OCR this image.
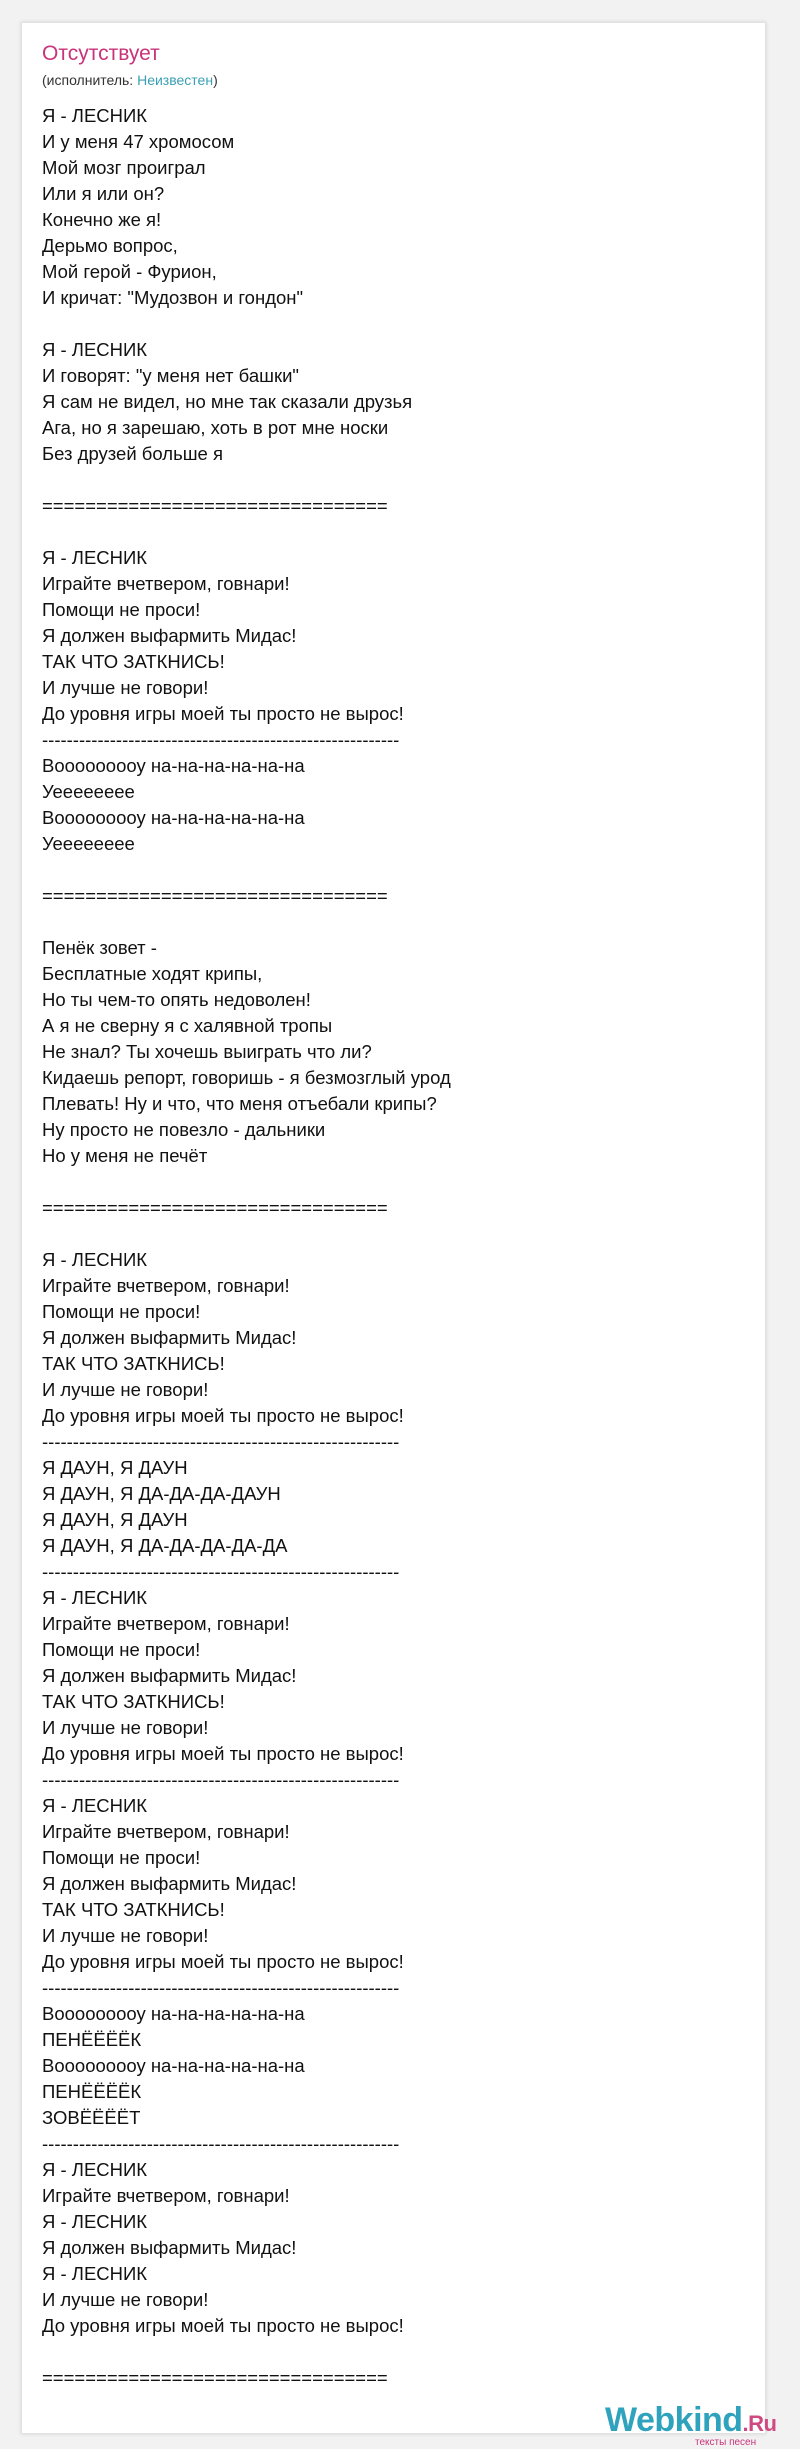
Отсутствует
(исполнитель: Неизвестен)
Я - ЛЕСНИК
И у меня 47 хромосом
Мой мозг проиграл
Или я или он?
Конечно же я!
Дерьмо вопрос,
Мой герой - Фурион,
И кричат: "Мудозвон и гондон"
Я - ЛЕСНИК
И говорят: "у меня нет башки"
Я сам не видел, но мне так сказали друзья
Ага, но я зарешаю, хоть в рот мне носки
Без друзей больше я
================================
Я - ЛЕСНИК
Играйте вчетвером, говнари!
Помощи не проси!
Я должен выфармить Мидас!
ТАК ЧТО ЗАТКНИСЬ!
И лучше не говори!
До уровня игры моей ты просто не вырос!
----------------------------------------------------------
Вооооооооу на-на-на-на-на-на
Уеееееееe
Вооооооооу на-на-на-на-на-на
Уеееееееe
================================
Пенёк зовет -
Бесплатные ходят крипы,
Но ты чем-то опять недоволен!
А я не сверну я с халявной тропы
Не знал? Ты хочешь выиграть что ли?
Кидаешь репорт, говоришь - я безмозглый урод
Плевать! Ну и что, что меня отъебали крипы?
Ну просто не повезло - дальники
Но у меня не печёт
================================
Я - ЛЕСНИК
Играйте вчетвером, говнари!
Помощи не проси!
Я должен выфармить Мидас!
ТАК ЧТО ЗАТКНИСЬ!
И лучше не говори!
До уровня игры моей ты просто не вырос!
----------------------------------------------------------
Я ДАУН, Я ДАУН
Я ДАУН, Я ДА-ДА-ДА-ДАУН
Я ДАУН, Я ДАУН
Я ДАУН, Я ДА-ДА-ДА-ДА-ДА
----------------------------------------------------------
Я - ЛЕСНИК
Играйте вчетвером, говнари!
Помощи не проси!
Я должен выфармить Мидас!
ТАК ЧТО ЗАТКНИСЬ!
И лучше не говори!
До уровня игры моей ты просто не вырос!
----------------------------------------------------------
Я - ЛЕСНИК
Играйте вчетвером, говнари!
Помощи не проси!
Я должен выфармить Мидас!
ТАК ЧТО ЗАТКНИСЬ!
И лучше не говори!
До уровня игры моей ты просто не вырос!
----------------------------------------------------------
Вооооооооу на-на-на-на-на-на
ПЕНЁЁЁЁК
Вооооооооу на-на-на-на-на-на
ПЕНЁЁЁЁК
ЗОВЁЁЁЁТ
----------------------------------------------------------
Я - ЛЕСНИК
Играйте вчетвером, говнари!
Я - ЛЕСНИК
Я должен выфармить Мидас!
Я - ЛЕСНИК
И лучше не говори!
До уровня игры моей ты просто не вырос!
================================
Webkind.Ru
тексты песен
